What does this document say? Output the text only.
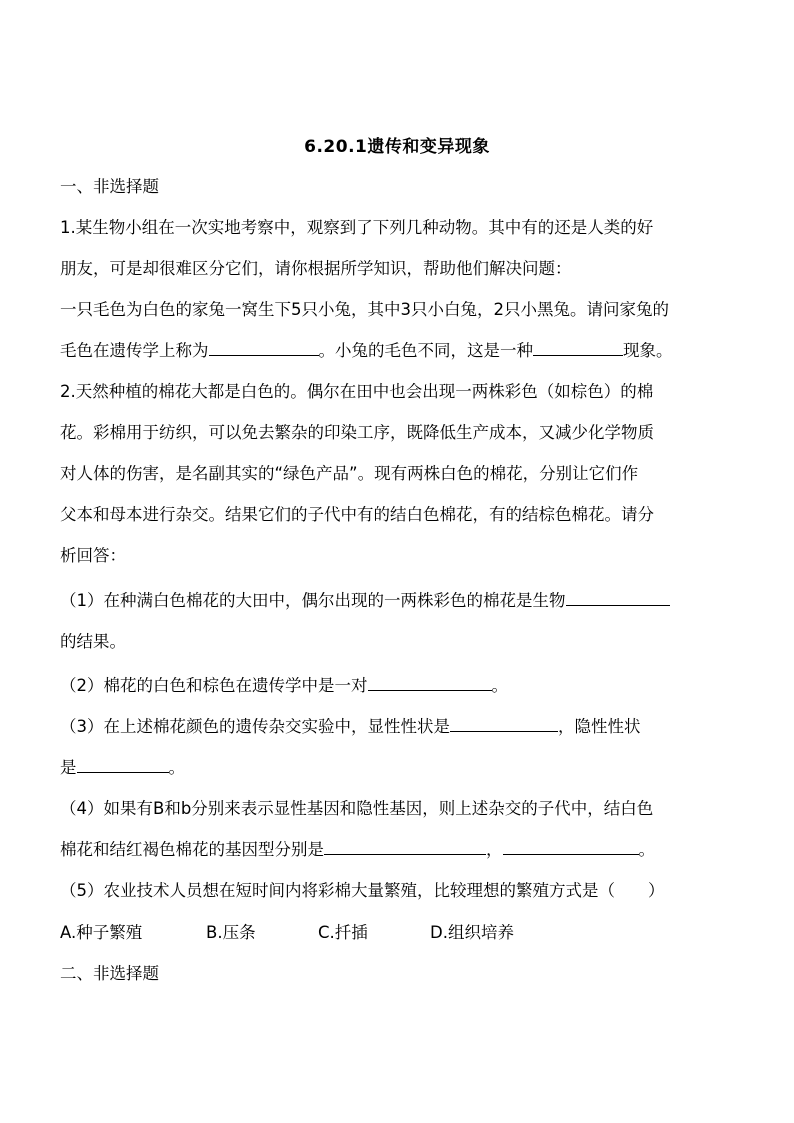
6.20.1遗传和变异现象
一、非选择题
1.某生物小组在一次实地考察中，观察到了下列几种动物。其中有的还是人类的好
朋友，可是却很难区分它们，请你根据所学知识，帮助他们解决问题：
一只毛色为白色的家兔一窝生下5只小兔，其中3只小白兔，2只小黑兔。请问家兔的
毛色在遗传学上称为	。小兔的毛色不同，这是一种	现象。
2.天然种植的棉花大都是白色的。偶尔在田中也会出现一两株彩色（如棕色）的棉
花。彩棉用于纺织，可以免去繁杂的印染工序，既降低生产成本，又减少化学物质
对人体的伤害，是名副其实的“绿色产品”。现有两株白色的棉花，分别让它们作
父本和母本进行杂交。结果它们的子代中有的结白色棉花，有的结棕色棉花。请分
析回答：
（1）在种满白色棉花的大田中，偶尔出现的一两株彩色的棉花是生物
的结果。
（2）棉花的白色和棕色在遗传学中是一对	。
（3）在上述棉花颜色的遗传杂交实验中，显性性状是	，隐性性状
是	。
（4）如果有B和b分别来表示显性基因和隐性基因，则上述杂交的子代中，结白色
棉花和结红褐色棉花的基因型分别是	，	。
（5）农业技术人员想在短时间内将彩棉大量繁殖，比较理想的繁殖方式是（　　）
A.种子繁殖	B.压条	C.扦插	D.组织培养
二、非选择题
